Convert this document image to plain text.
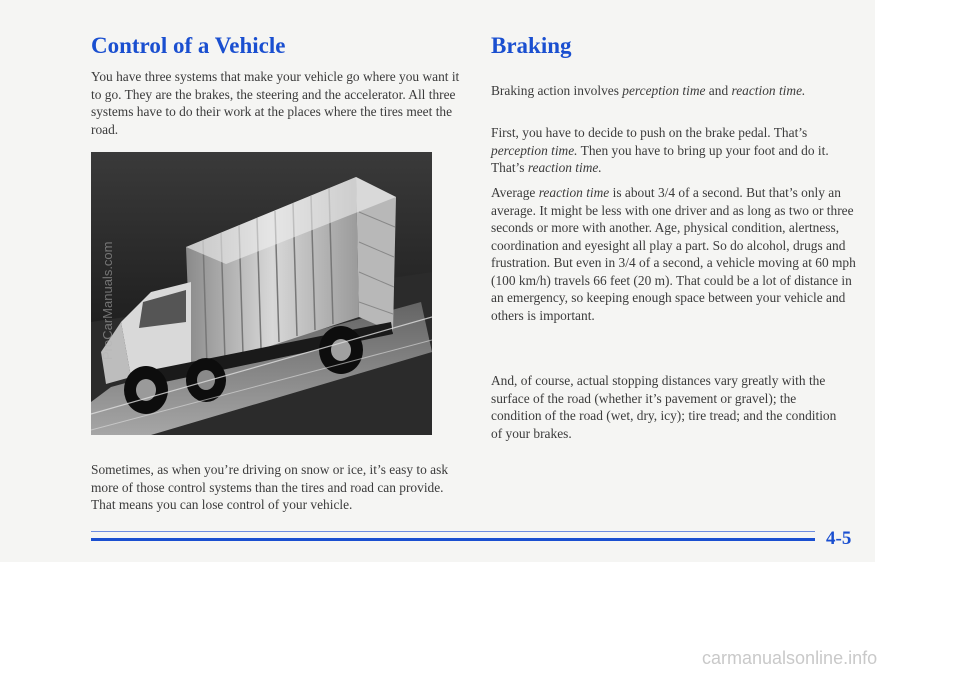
Control of a Vehicle

You have three systems that make your vehicle go where you want it to go. They are the brakes, the steering and the accelerator. All three systems have to do their work at the places where the tires meet the road.

Sometimes, as when you’re driving on snow or ice, it’s easy to ask more of those control systems than the tires and road can provide. That means you can lose control of your vehicle.

ProCarManuals.com
Braking

Braking action involves perception time and reaction time.

First, you have to decide to push on the brake pedal. That’s perception time. Then you have to bring up your foot and do it. That’s reaction time.

Average reaction time is about 3/4 of a second. But that’s only an average. It might be less with one driver and as long as two or three seconds or more with another. Age, physical condition, alertness, coordination and eyesight all play a part. So do alcohol, drugs and frustration. But even in 3/4 of a second, a vehicle moving at 60 mph (100 km/h) travels 66 feet (20 m). That could be a lot of distance in an emergency, so keeping enough space between your vehicle and others is important.

And, of course, actual stopping distances vary greatly with the surface of the road (whether it’s pavement or gravel); the condition of the road (wet, dry, icy); tire tread; and the condition of your brakes.

4-5
carmanualsonline.info
